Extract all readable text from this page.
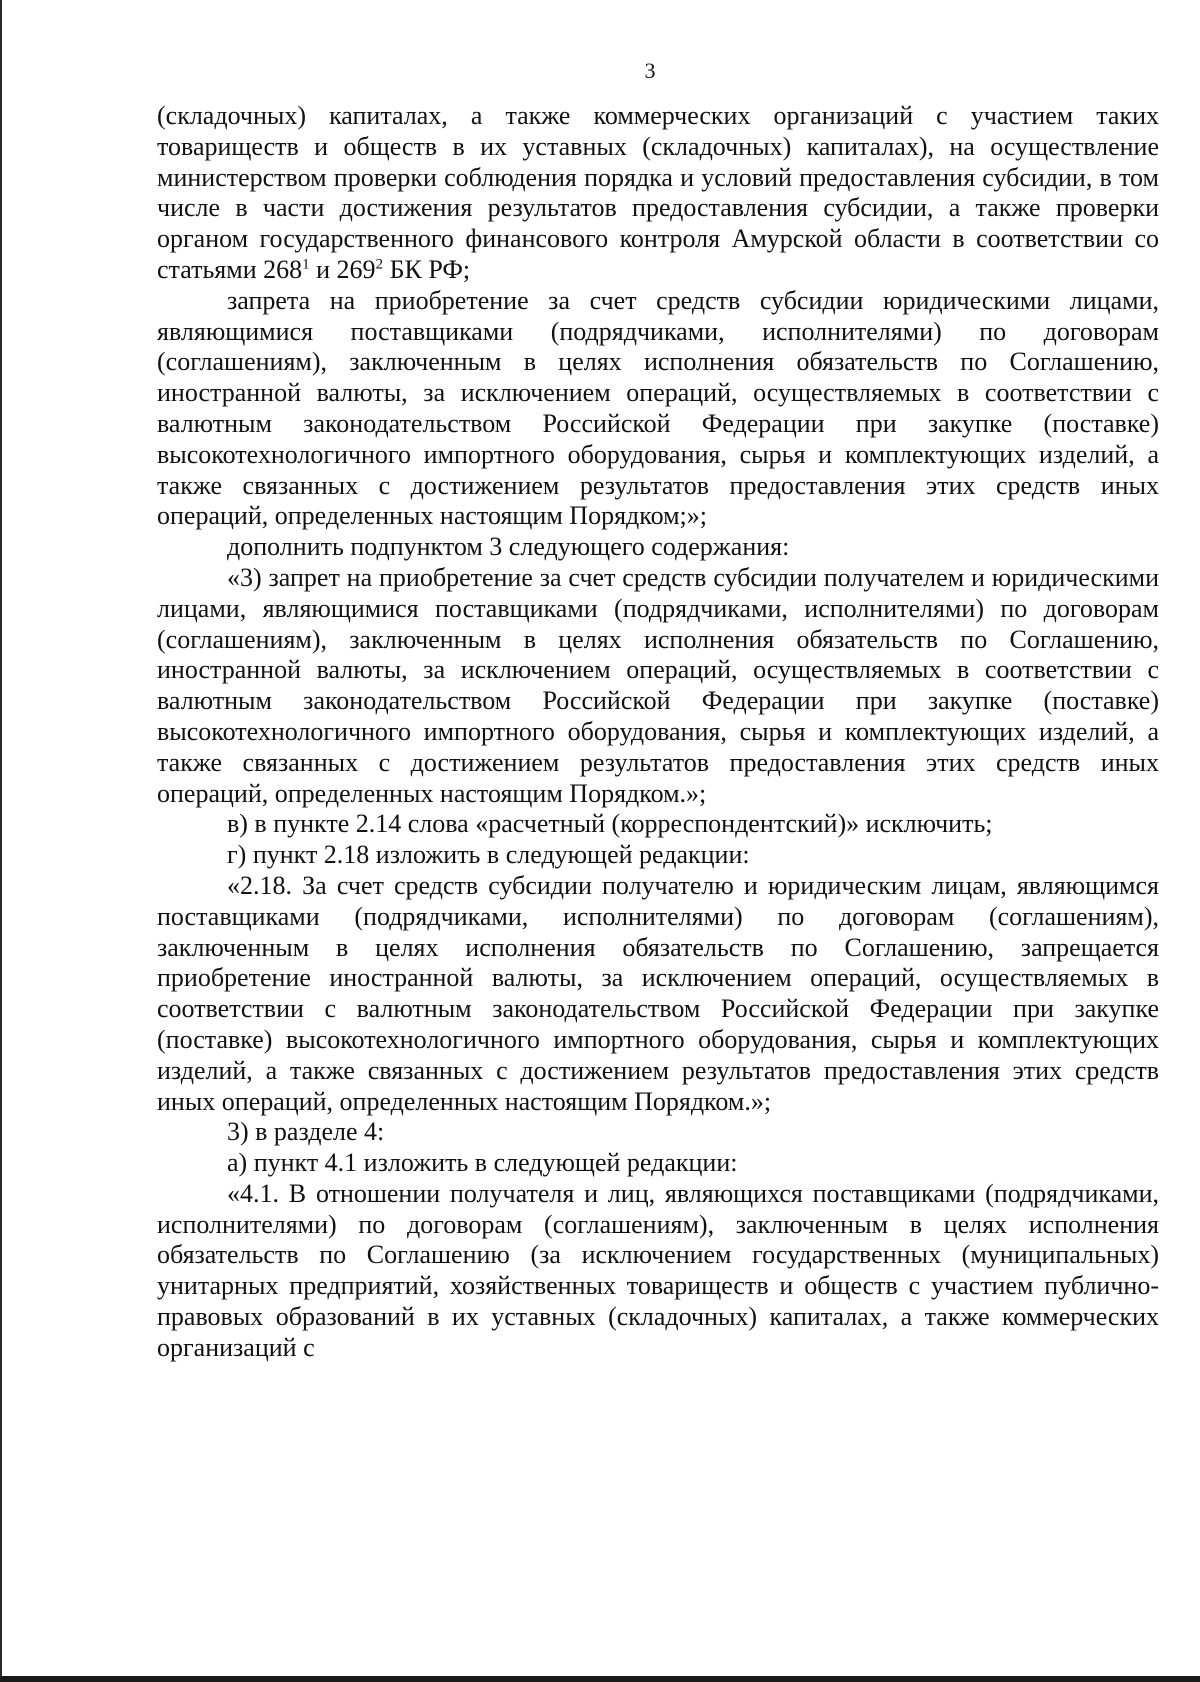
3

(складочных) капиталах, а также коммерческих организаций с участием таких товариществ и обществ в их уставных (складочных) капиталах), на осуществление министерством проверки соблюдения порядка и условий предоставления субсидии, в том числе в части достижения результатов предоставления субсидии, а также проверки органом государственного финансового контроля Амурской области в соответствии со статьями $268^1$ и $269^2$ БК РФ;

запрета на приобретение за счет средств субсидии юридическими лицами, являющимися поставщиками (подрядчиками, исполнителями) по договорам (соглашениям), заключенным в целях исполнения обязательств по Соглашению, иностранной валюты, за исключением операций, осуществляемых в соответствии с валютным законодательством Российской Федерации при закупке (поставке) высокотехнологичного импортного оборудования, сырья и комплектующих изделий, а также связанных с достижением результатов предоставления этих средств иных операций, определенных настоящим Порядком;»;

дополнить подпунктом 3 следующего содержания:

«3) запрет на приобретение за счет средств субсидии получателем и юридическими лицами, являющимися поставщиками (подрядчиками, исполнителями) по договорам (соглашениям), заключенным в целях исполнения обязательств по Соглашению, иностранной валюты, за исключением операций, осуществляемых в соответствии с валютным законодательством Российской Федерации при закупке (поставке) высокотехнологичного импортного оборудования, сырья и комплектующих изделий, а также связанных с достижением результатов предоставления этих средств иных операций, определенных настоящим Порядком.»;

в) в пункте 2.14 слова «расчетный (корреспондентский)» исключить;

г) пункт 2.18 изложить в следующей редакции:

«2.18. За счет средств субсидии получателю и юридическим лицам, являющимся поставщиками (подрядчиками, исполнителями) по договорам (соглашениям), заключенным в целях исполнения обязательств по Соглашению, запрещается приобретение иностранной валюты, за исключением операций, осуществляемых в соответствии с валютным законодательством Российской Федерации при закупке (поставке) высокотехнологичного импортного оборудования, сырья и комплектующих изделий, а также связанных с достижением результатов предоставления этих средств иных операций, определенных настоящим Порядком.»;

3) в разделе 4:

а) пункт 4.1 изложить в следующей редакции:

«4.1. В отношении получателя и лиц, являющихся поставщиками (подрядчиками, исполнителями) по договорам (соглашениям), заключенным в целях исполнения обязательств по Соглашению (за исключением государственных (муниципальных) унитарных предприятий, хозяйственных товариществ и обществ с участием публично-правовых образований в их уставных (складочных) капиталах, а также коммерческих организаций с
